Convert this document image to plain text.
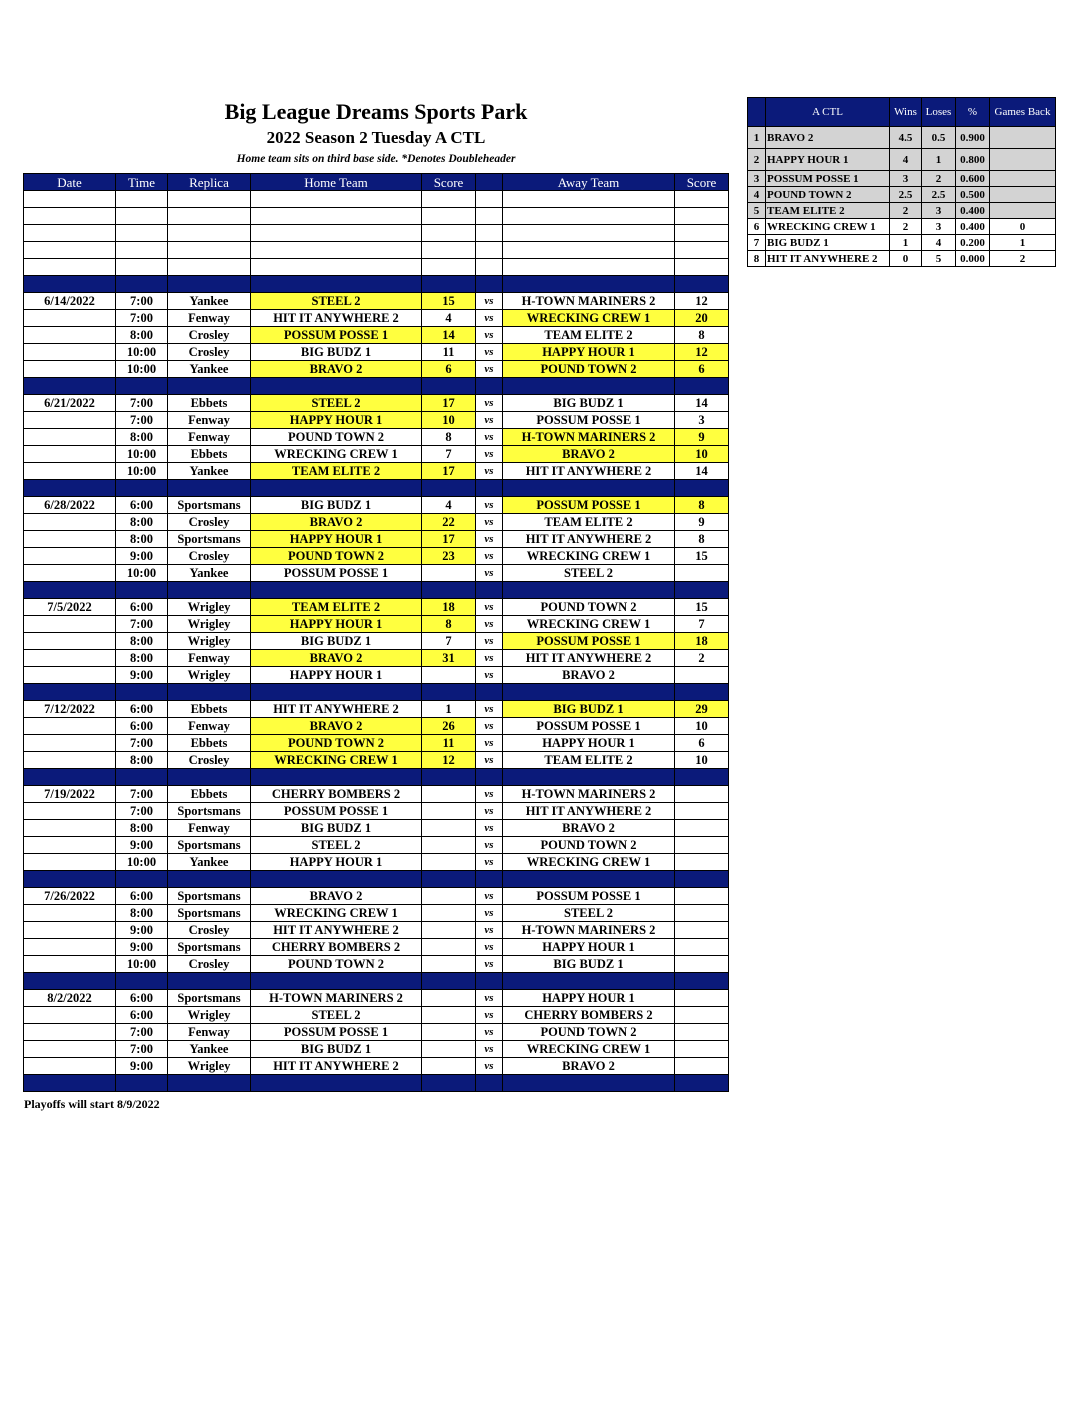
Big League Dreams Sports Park
2022 Season 2 Tuesday A CTL
Home team sits on third base side. *Denotes Doubleheader
Date	Time	Replica	Home Team	Score		Away Team	Score

6/14/2022	7:00	Yankee	STEEL 2	15	vs	H-TOWN MARINERS 2	12
	7:00	Fenway	HIT IT ANYWHERE 2	4	vs	WRECKING CREW 1	20
	8:00	Crosley	POSSUM POSSE 1	14	vs	TEAM ELITE 2	8
	10:00	Crosley	BIG BUDZ 1	11	vs	HAPPY HOUR 1	12
	10:00	Yankee	BRAVO 2	6	vs	POUND TOWN 2	6

6/21/2022	7:00	Ebbets	STEEL 2	17	vs	BIG BUDZ 1	14
	7:00	Fenway	HAPPY HOUR 1	10	vs	POSSUM POSSE 1	3
	8:00	Fenway	POUND TOWN 2	8	vs	H-TOWN MARINERS 2	9
	10:00	Ebbets	WRECKING CREW 1	7	vs	BRAVO 2	10
	10:00	Yankee	TEAM ELITE 2	17	vs	HIT IT ANYWHERE 2	14

6/28/2022	6:00	Sportsmans	BIG BUDZ 1	4	vs	POSSUM POSSE 1	8
	8:00	Crosley	BRAVO 2	22	vs	TEAM ELITE 2	9
	8:00	Sportsmans	HAPPY HOUR 1	17	vs	HIT IT ANYWHERE 2	8
	9:00	Crosley	POUND TOWN 2	23	vs	WRECKING CREW 1	15
	10:00	Yankee	POSSUM POSSE 1		vs	STEEL 2	

7/5/2022	6:00	Wrigley	TEAM ELITE 2	18	vs	POUND TOWN 2	15
	7:00	Wrigley	HAPPY HOUR 1	8	vs	WRECKING CREW 1	7
	8:00	Wrigley	BIG BUDZ 1	7	vs	POSSUM POSSE 1	18
	8:00	Fenway	BRAVO 2	31	vs	HIT IT ANYWHERE 2	2
	9:00	Wrigley	HAPPY HOUR 1		vs	BRAVO 2	

7/12/2022	6:00	Ebbets	HIT IT ANYWHERE 2	1	vs	BIG BUDZ 1	29
	6:00	Fenway	BRAVO 2	26	vs	POSSUM POSSE 1	10
	7:00	Ebbets	POUND TOWN 2	11	vs	HAPPY HOUR 1	6
	8:00	Crosley	WRECKING CREW 1	12	vs	TEAM ELITE 2	10

7/19/2022	7:00	Ebbets	CHERRY BOMBERS 2		vs	H-TOWN MARINERS 2	
	7:00	Sportsmans	POSSUM POSSE 1		vs	HIT IT ANYWHERE 2	
	8:00	Fenway	BIG BUDZ 1		vs	BRAVO 2	
	9:00	Sportsmans	STEEL 2		vs	POUND TOWN 2	
	10:00	Yankee	HAPPY HOUR 1		vs	WRECKING CREW 1	

7/26/2022	6:00	Sportsmans	BRAVO 2		vs	POSSUM POSSE 1	
	8:00	Sportsmans	WRECKING CREW 1		vs	STEEL 2	
	9:00	Crosley	HIT IT ANYWHERE 2		vs	H-TOWN MARINERS 2	
	9:00	Sportsmans	CHERRY BOMBERS 2		vs	HAPPY HOUR 1	
	10:00	Crosley	POUND TOWN 2		vs	BIG BUDZ 1	

8/2/2022	6:00	Sportsmans	H-TOWN MARINERS 2		vs	HAPPY HOUR 1	
	6:00	Wrigley	STEEL 2		vs	CHERRY BOMBERS 2	
	7:00	Fenway	POSSUM POSSE 1		vs	POUND TOWN 2	
	7:00	Yankee	BIG BUDZ 1		vs	WRECKING CREW 1	
	9:00	Wrigley	HIT IT ANYWHERE 2		vs	BRAVO 2	

	A CTL	Wins	Loses	%	Games Back
1	BRAVO 2	4.5	0.5	0.900	
2	HAPPY HOUR 1	4	1	0.800	
3	POSSUM POSSE 1	3	2	0.600	
4	POUND TOWN 2	2.5	2.5	0.500	
5	TEAM ELITE 2	2	3	0.400	
6	WRECKING CREW 1	2	3	0.400	0
7	BIG BUDZ 1	1	4	0.200	1
8	HIT IT ANYWHERE 2	0	5	0.000	2
Playoffs will start 8/9/2022
